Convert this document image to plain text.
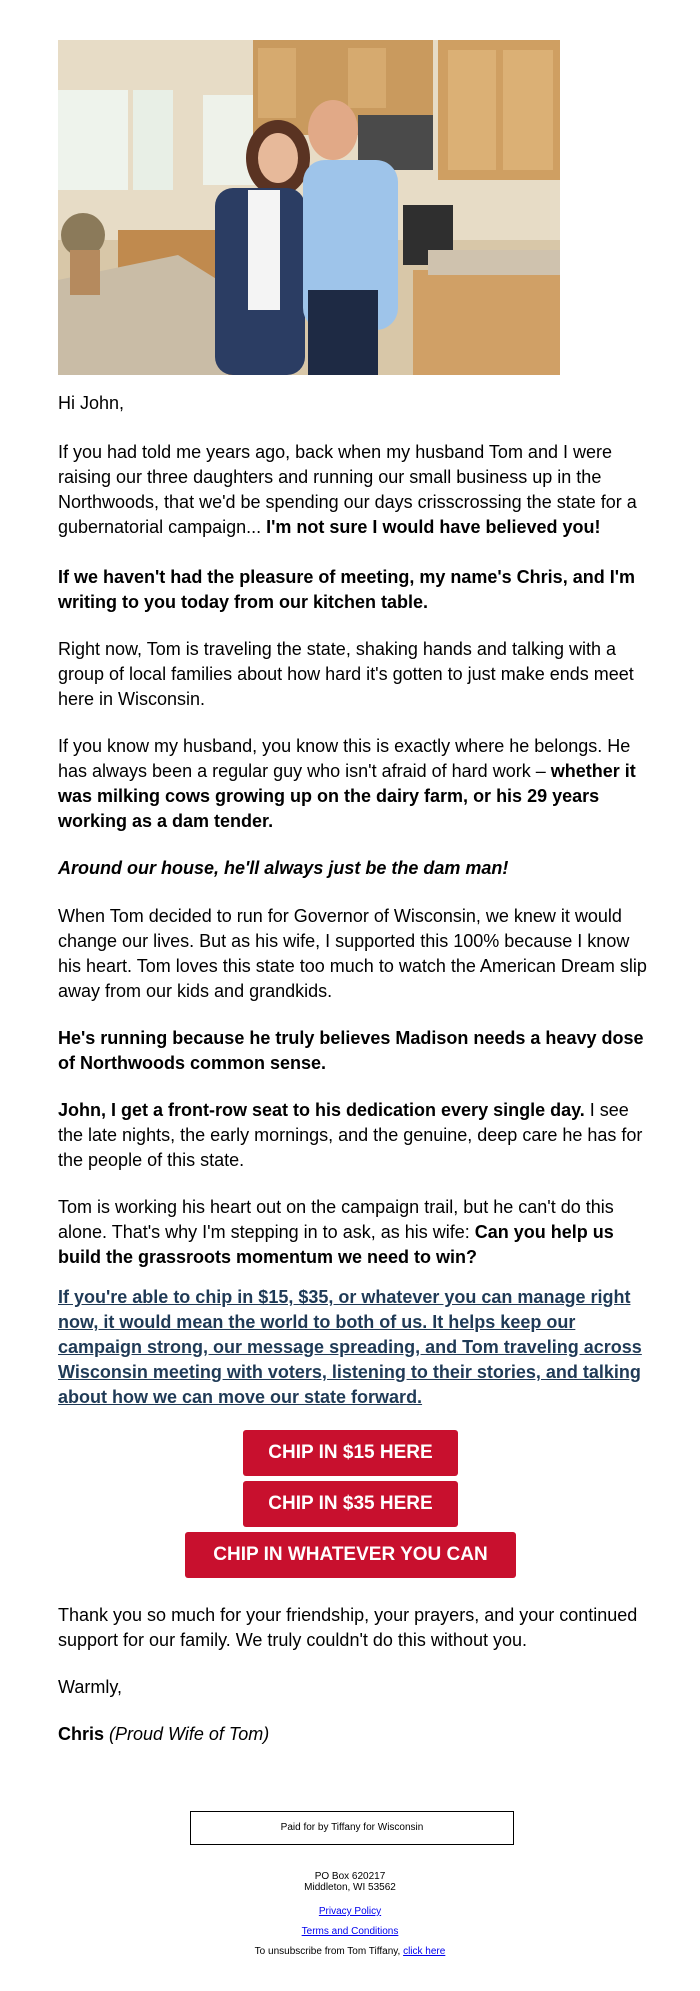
Hi John,

If you had told me years ago, back when my husband Tom and I were raising our three daughters and running our small business up in the Northwoods, that we'd be spending our days crisscrossing the state for a gubernatorial campaign... I'm not sure I would have believed you!

If we haven't had the pleasure of meeting, my name's Chris, and I'm writing to you today from our kitchen table.

Right now, Tom is traveling the state, shaking hands and talking with a group of local families about how hard it's gotten to just make ends meet here in Wisconsin.

If you know my husband, you know this is exactly where he belongs. He has always been a regular guy who isn't afraid of hard work – whether it was milking cows growing up on the dairy farm, or his 29 years working as a dam tender.

Around our house, he'll always just be the dam man!

When Tom decided to run for Governor of Wisconsin, we knew it would change our lives. But as his wife, I supported this 100% because I know his heart. Tom loves this state too much to watch the American Dream slip away from our kids and grandkids.

He's running because he truly believes Madison needs a heavy dose of Northwoods common sense.

John, I get a front-row seat to his dedication every single day. I see the late nights, the early mornings, and the genuine, deep care he has for the people of this state.

Tom is working his heart out on the campaign trail, but he can't do this alone. That's why I'm stepping in to ask, as his wife: Can you help us build the grassroots momentum we need to win?

If you're able to chip in $15, $35, or whatever you can manage right now, it would mean the world to both of us. It helps keep our campaign strong, our message spreading, and Tom traveling across Wisconsin meeting with voters, listening to their stories, and talking about how we can move our state forward.
CHIP IN $15 HERE
CHIP IN $35 HERE
CHIP IN WHATEVER YOU CAN
Thank you so much for your friendship, your prayers, and your continued support for our family. We truly couldn't do this without you.
Warmly,

Chris (Proud Wife of Tom)

Paid for by Tiffany for Wisconsin
PO Box 620217
Middleton, WI 53562
Privacy Policy
Terms and Conditions
To unsubscribe from Tom Tiffany, click here
